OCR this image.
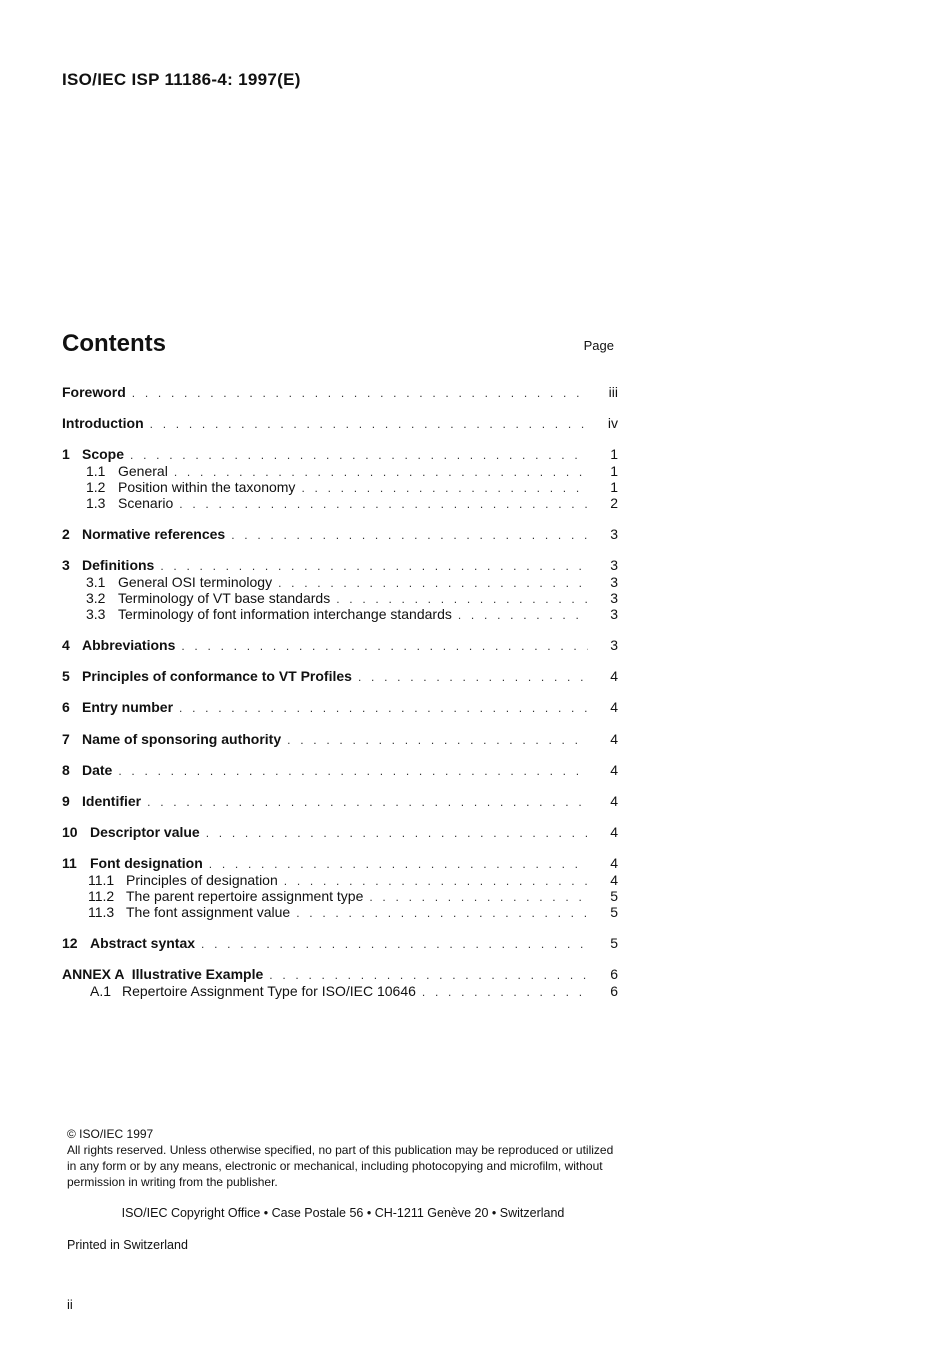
ISO/IEC ISP 11186-4: 1997(E)
Contents	Page
Foreword . . .	iii
Introduction . . .	iv
1 Scope . . .	1
1.1 General . . .	1
1.2 Position within the taxonomy . . .	1
1.3 Scenario . . .	2
2 Normative references . . .	3
3 Definitions . . .	3
3.1 General OSI terminology . . .	3
3.2 Terminology of VT base standards . . .	3
3.3 Terminology of font information interchange standards . . .	3
4 Abbreviations . . .	3
5 Principles of conformance to VT Profiles . . .	4
6 Entry number . . .	4
7 Name of sponsoring authority . . .	4
8 Date . . .	4
9 Identifier . . .	4
10 Descriptor value . . .	4
11 Font designation . . .	4
11.1 Principles of designation . . .	4
11.2 The parent repertoire assignment type . . .	5
11.3 The font assignment value . . .	5
12 Abstract syntax . . .	5
ANNEX A  Illustrative Example . . .	6
A.1 Repertoire Assignment Type for ISO/IEC 10646 . . .	6

© ISO/IEC 1997

All rights reserved. Unless otherwise specified, no part of this publication may be reproduced or utilized in any form or by any means, electronic or mechanical, including photocopying and microfilm, without permission in writing from the publisher.

ISO/IEC Copyright Office • Case Postale 56 • CH-1211 Genève 20 • Switzerland
Printed in Switzerland
ii
